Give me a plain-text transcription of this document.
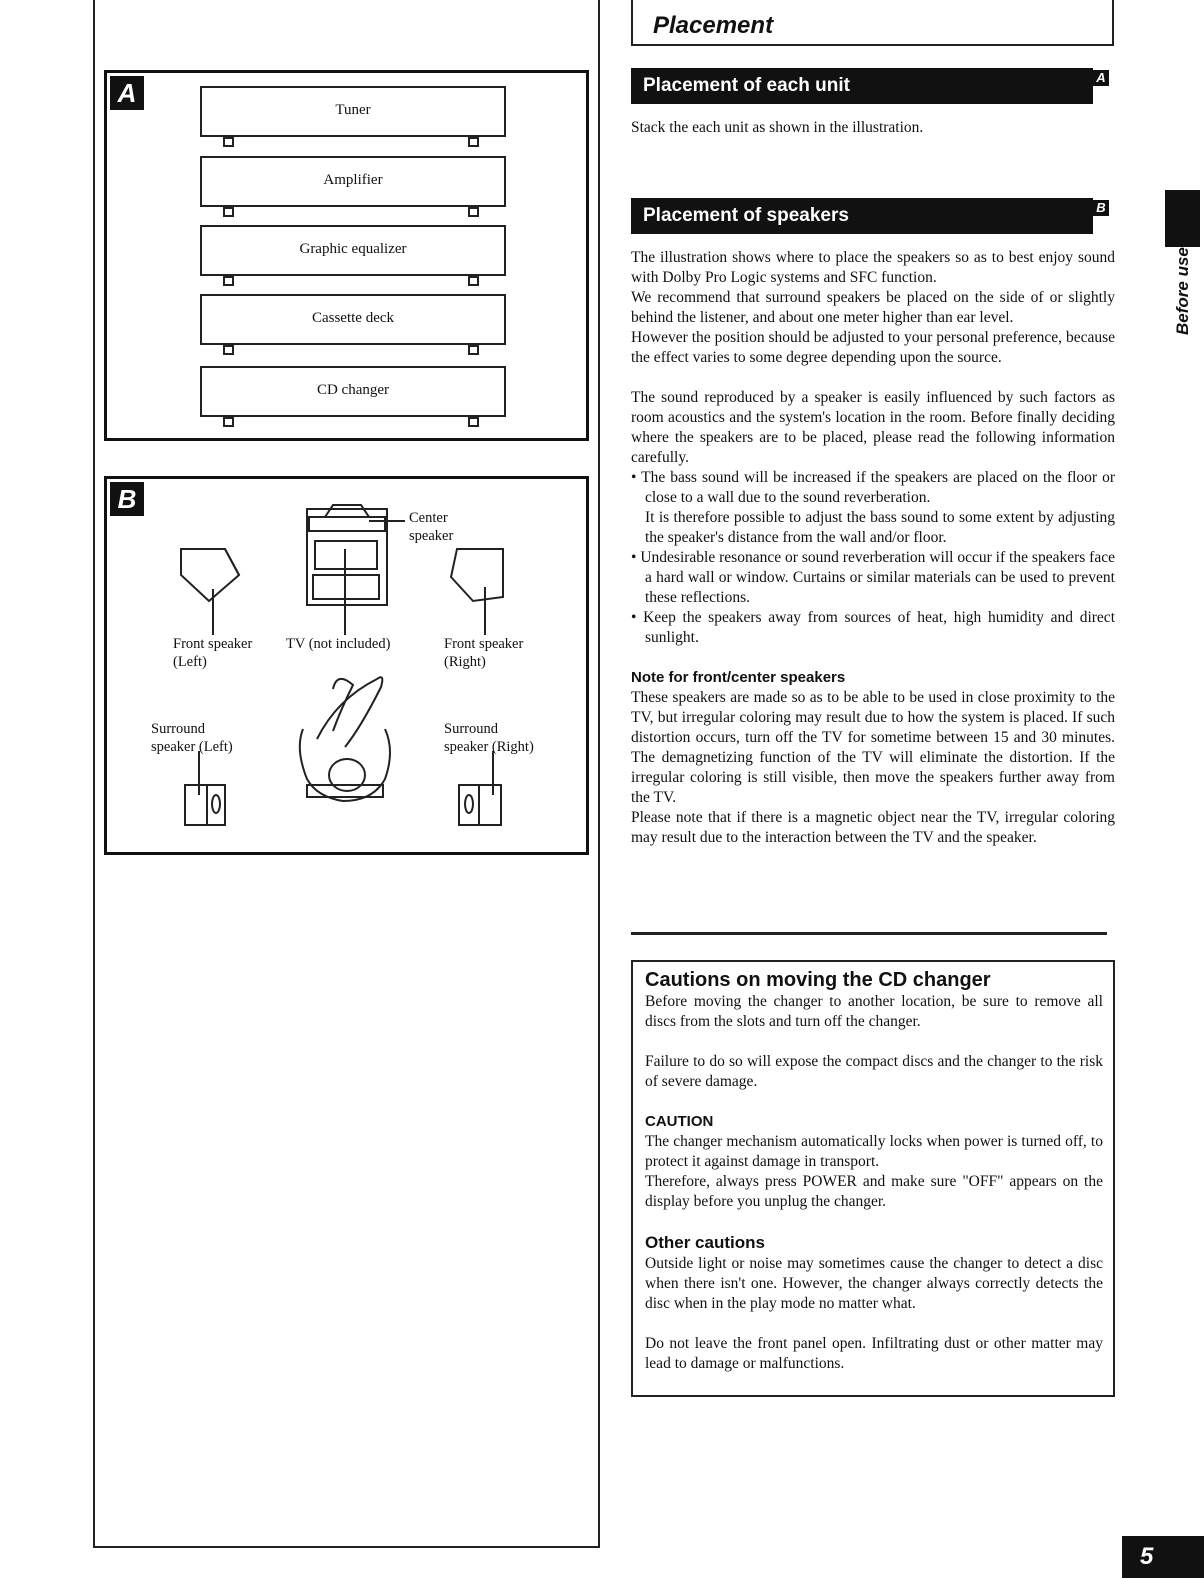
A
Tuner
Amplifier
Graphic equalizer
Cassette deck
CD changer
B
Center
speaker
Front speaker
(Left)
TV (not included)	Front speaker
(Right)
Surround
speaker (Left)
Surround
speaker (Right)
Placement
Placement of each unit	A
Stack the each unit as shown in the illustration.
Placement of speakers	B

The illustration shows where to place the speakers so as to best enjoy sound with Dolby Pro Logic systems and SFC function.

We recommend that surround speakers be placed on the side of or slightly behind the listener, and about one meter higher than ear level.

However the position should be adjusted to your personal preference, because the effect varies to some degree depending upon the source.

The sound reproduced by a speaker is easily influenced by such factors as room acoustics and the system's location in the room. Before finally deciding where the speakers are to be placed, please read the following information carefully.

• The bass sound will be increased if the speakers are placed on the floor or close to a wall due to the sound reverberation.

It is therefore possible to adjust the bass sound to some extent by adjusting the speaker's distance from the wall and/or floor.

• Undesirable resonance or sound reverberation will occur if the speakers face a hard wall or window. Curtains or similar materials can be used to prevent these reflections.

• Keep the speakers away from sources of heat, high humidity and direct sunlight.

Note for front/center speakers

These speakers are made so as to be able to be used in close proximity to the TV, but irregular coloring may result due to how the system is placed. If such distortion occurs, turn off the TV for sometime between 15 and 30 minutes. The demagnetizing function of the TV will eliminate the distortion. If the irregular coloring is still visible, then move the speakers further away from the TV.

Please note that if there is a magnetic object near the TV, irregular coloring may result due to the interaction between the TV and the speaker.

Cautions on moving the CD changer

Before moving the changer to another location, be sure to remove all discs from the slots and turn off the changer.

Failure to do so will expose the compact discs and the changer to the risk of severe damage.

CAUTION

The changer mechanism automatically locks when power is turned off, to protect it against damage in transport.

Therefore, always press POWER and make sure "OFF" appears on the display before you unplug the changer.

Other cautions

Outside light or noise may sometimes cause the changer to detect a disc when there isn't one. However, the changer always correctly detects the disc when in the play mode no matter what.

Do not leave the front panel open. Infiltrating dust or other matter may lead to damage or malfunctions.

Before use
5
